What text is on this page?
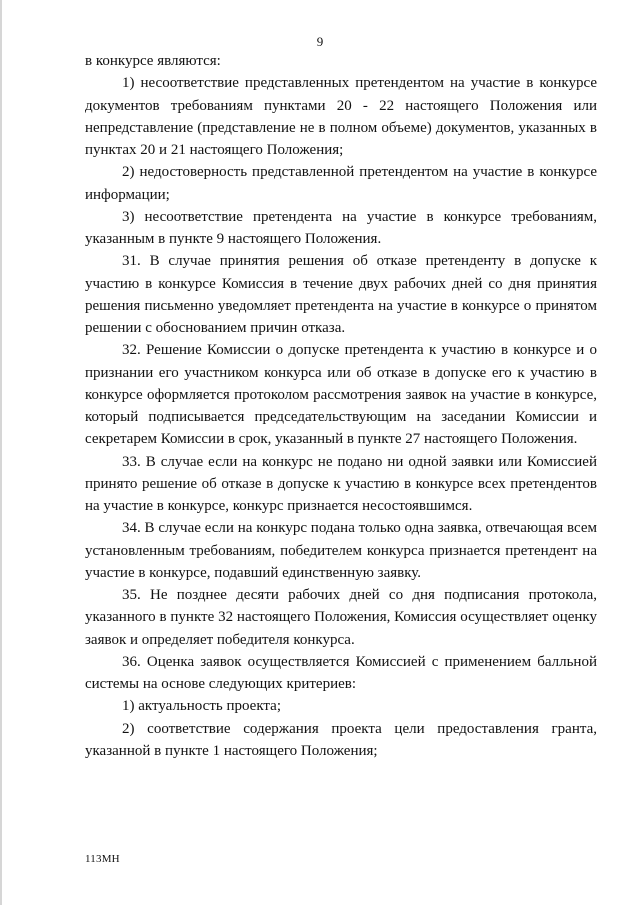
9

в конкурсе являются:

1) несоответствие представленных претендентом на участие в конкурсе документов требованиям пунктами 20 - 22 настоящего Положения или непредставление (представление не в полном объеме) документов, указанных в пунктах 20 и 21 настоящего Положения;

2) недостоверность представленной претендентом на участие в конкурсе информации;

3) несоответствие претендента на участие в конкурсе требованиям, указанным в пункте 9 настоящего Положения.

31. В случае принятия решения об отказе претенденту в допуске к участию в конкурсе Комиссия в течение двух рабочих дней со дня принятия решения письменно уведомляет претендента на участие в конкурсе о принятом решении с обоснованием причин отказа.

32. Решение Комиссии о допуске претендента к участию в конкурсе и о признании его участником конкурса или об отказе в допуске его к участию в конкурсе оформляется протоколом рассмотрения заявок на участие в конкурсе, который подписывается председательствующим на заседании Комиссии и секретарем Комиссии в срок, указанный в пункте 27 настоящего Положения.

33. В случае если на конкурс не подано ни одной заявки или Комиссией принято решение об отказе в допуске к участию в конкурсе всех претендентов на участие в конкурсе, конкурс признается несостоявшимся.

34. В случае если на конкурс подана только одна заявка, отвечающая всем установленным требованиям, победителем конкурса признается претендент на участие в конкурсе, подавший единственную заявку.

35. Не позднее десяти рабочих дней со дня подписания протокола, указанного в пункте 32 настоящего Положения, Комиссия осуществляет оценку заявок и определяет победителя конкурса.

36. Оценка заявок осуществляется Комиссией с применением балльной системы на основе следующих критериев:

1) актуальность проекта;

2) соответствие содержания проекта цели предоставления гранта, указанной в пункте 1 настоящего Положения;

113МН
